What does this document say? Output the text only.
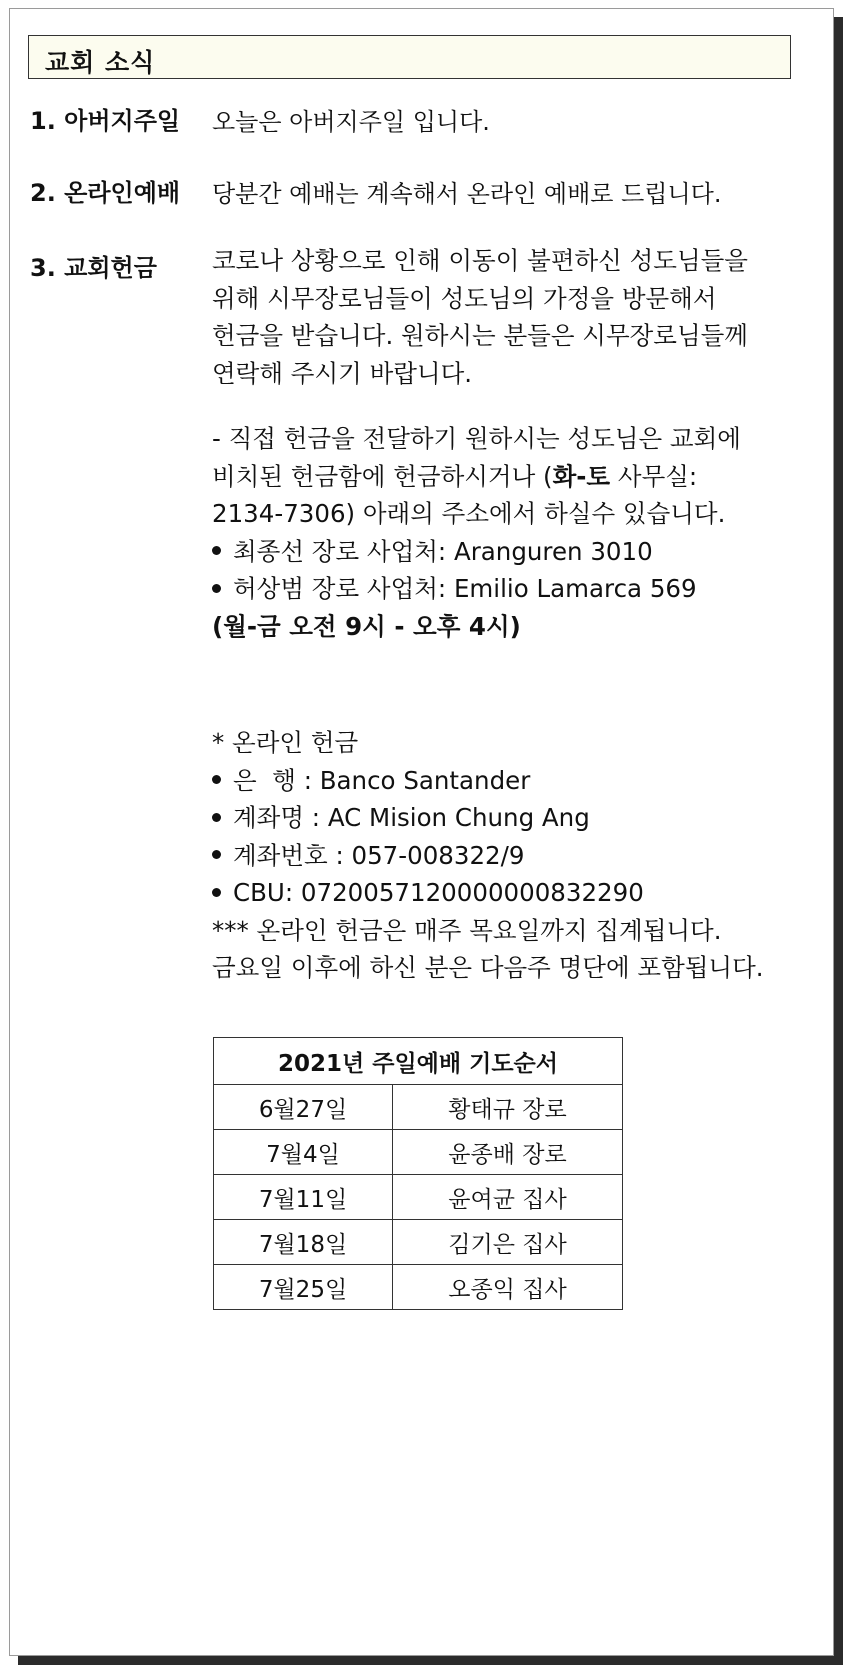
교회 소식
1. 아버지주일 오늘은 아버지주일 입니다.
2. 온라인예배 당분간 예배는 계속해서 온라인 예배로 드립니다.
3. 교회헌금 코로나 상황으로 인해 이동이 불편하신 성도님들을
위해 시무장로님들이 성도님의 가정을 방문해서
헌금을 받습니다. 원하시는 분들은 시무장로님들께
연락해 주시기 바랍니다.
- 직접 헌금을 전달하기 원하시는 성도님은 교회에
비치된 헌금함에 헌금하시거나 (화-토 사무실:
2134-7306) 아래의 주소에서 하실수 있습니다.
최종선 장로 사업처: Aranguren 3010
허상범 장로 사업처: Emilio Lamarca 569
(월-금 오전 9시 - 오후 4시)
* 온라인 헌금
은  행 : Banco Santander
계좌명 : AC Mision Chung Ang
계좌번호 : 057-008322/9
CBU: 0720057120000000832290
*** 온라인 헌금은 매주 목요일까지 집계됩니다.
금요일 이후에 하신 분은 다음주 명단에 포함됩니다.
2021년 주일예배 기도순서	
6월27일	황태규 장로
7월4일	윤종배 장로
7월11일	윤여균 집사
7월18일	김기은 집사
7월25일	오종익 집사
